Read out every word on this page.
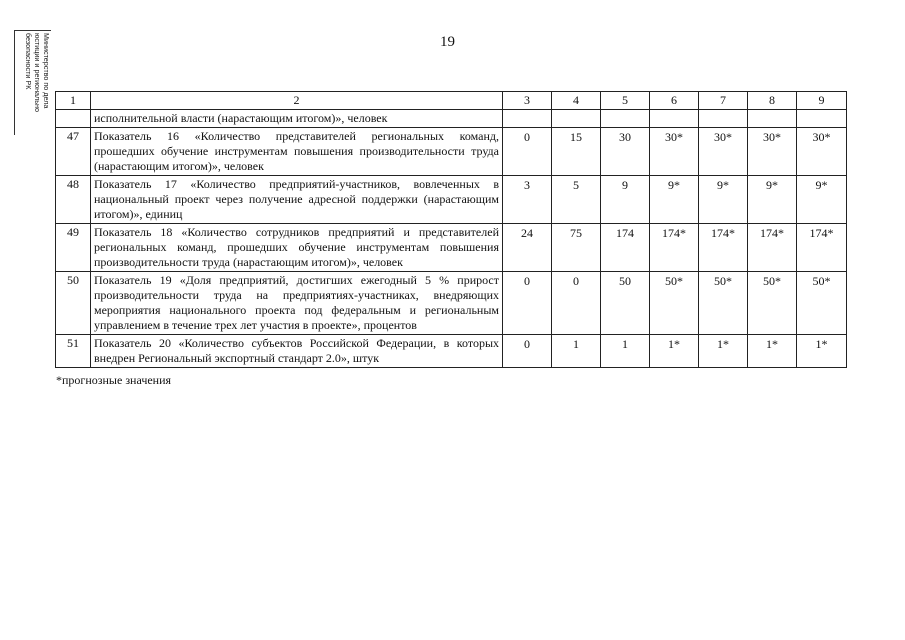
19
Министерство по дела
юстиции и регионально
безопасности РК
1	2	3	4	5	6	7	8	9
	исполнительной власти (нарастающим итогом)», человек							
47	Показатель 16 «Количество представителей региональных команд, прошедших обучение инструментам повышения производительности труда (нарастающим итогом)», человек	0	15	30	30*	30*	30*	30*
48	Показатель 17 «Количество предприятий-участников, вовлеченных в национальный проект через получение адресной поддержки (нарастающим итогом)», единиц	3	5	9	9*	9*	9*	9*
49	Показатель 18 «Количество сотрудников предприятий и представителей региональных команд, прошедших обучение инструментам повышения производительности труда (нарастающим итогом)», человек	24	75	174	174*	174*	174*	174*
50	Показатель 19 «Доля предприятий, достигших ежегодный 5 % прирост производительности труда на предприятиях-участниках, внедряющих мероприятия национального проекта под федеральным и региональным управлением в течение трех лет участия в проекте», процентов	0	0	50	50*	50*	50*	50*
51	Показатель 20 «Количество субъектов Российской Федерации, в которых внедрен Региональный экспортный стандарт 2.0», штук	0	1	1	1*	1*	1*	1*
*прогнозные значения
